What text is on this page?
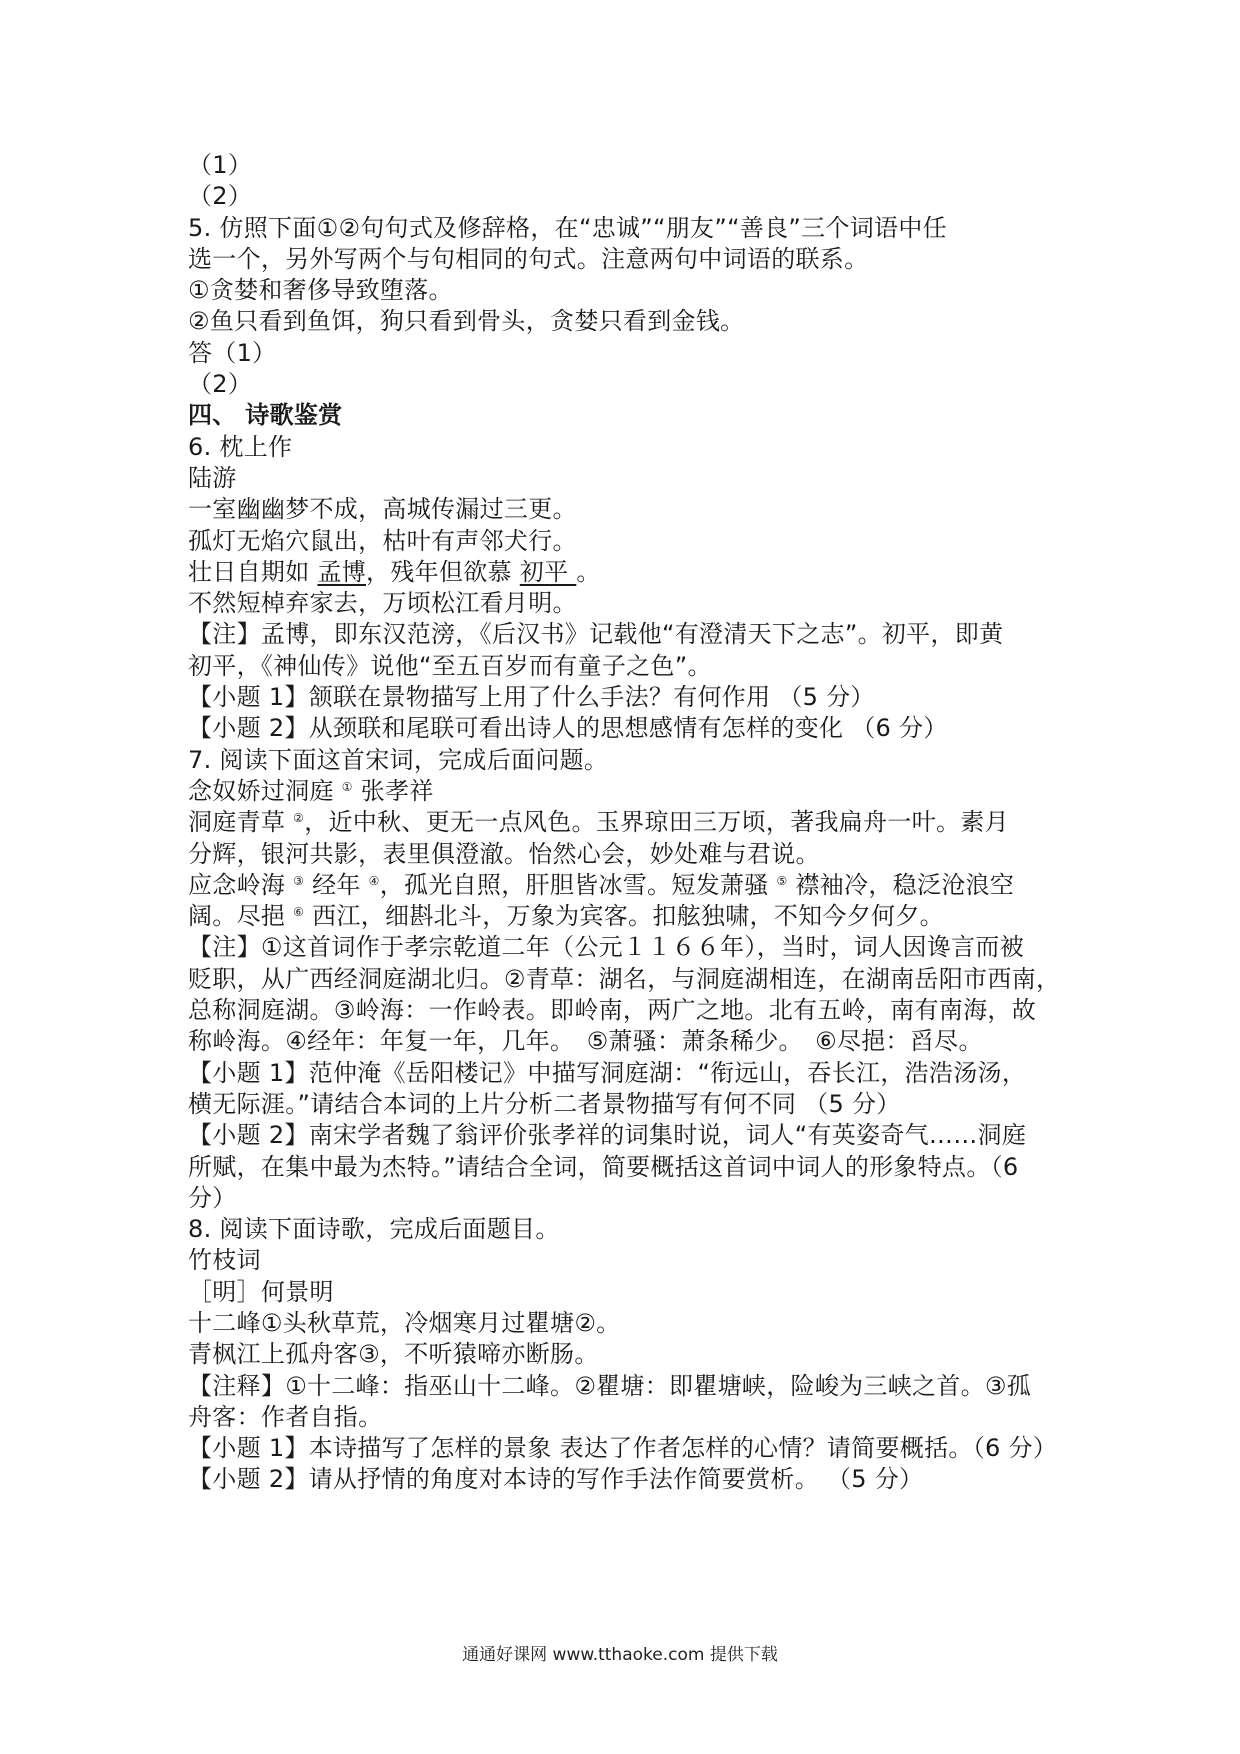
（1）
（2）
5. 仿照下面①②句句式及修辞格，在“忠诚”“朋友”“善良”三个词语中任
选一个，另外写两个与句相同的句式。注意两句中词语的联系。
①贪婪和奢侈导致堕落。
②鱼只看到鱼饵，狗只看到骨头，贪婪只看到金钱。
答（1）
（2）
四、 诗歌鉴赏
6. 枕上作
陆游
一室幽幽梦不成，高城传漏过三更。
孤灯无焰穴鼠出，枯叶有声邻犬行。
壮日自期如 孟博，残年但欲慕 初平 。
不然短棹弃家去，万顷松江看月明。
【注】孟博，即东汉范滂，《后汉书》记载他“有澄清天下之志”。初平，即黄
初平，《神仙传》说他“至五百岁而有童子之色”。
【小题 1】颔联在景物描写上用了什么手法？有何作用 （5 分）
【小题 2】从颈联和尾联可看出诗人的思想感情有怎样的变化 （6 分）
7. 阅读下面这首宋词，完成后面问题。
念奴娇过洞庭 ① 张孝祥
洞庭青草 ②，近中秋、更无一点风色。玉界琼田三万顷，著我扁舟一叶。素月
分辉，银河共影，表里俱澄澈。怡然心会，妙处难与君说。
应念岭海 ③ 经年 ④，孤光自照，肝胆皆冰雪。短发萧骚 ⑤ 襟袖冷，稳泛沧浪空
阔。尽挹 ⑥ 西江，细斟北斗，万象为宾客。扣舷独啸，不知今夕何夕。
【注】①这首词作于孝宗乾道二年（公元１１６６年），当时，词人因谗言而被
贬职，从广西经洞庭湖北归。②青草：湖名，与洞庭湖相连，在湖南岳阳市西南，
总称洞庭湖。③岭海：一作岭表。即岭南，两广之地。北有五岭，南有南海，故
称岭海。④经年：年复一年，几年。　⑤萧骚：萧条稀少。　⑥尽挹：舀尽。
【小题 1】范仲淹《岳阳楼记》中描写洞庭湖：“衔远山，吞长江，浩浩汤汤，
横无际涯。”请结合本词的上片分析二者景物描写有何不同 （5 分）
【小题 2】南宋学者魏了翁评价张孝祥的词集时说，词人“有英姿奇气……洞庭
所赋，在集中最为杰特。”请结合全词，简要概括这首词中词人的形象特点。（6
分）
8. 阅读下面诗歌，完成后面题目。
竹枝词
［明］何景明
十二峰①头秋草荒，冷烟寒月过瞿塘②。
青枫江上孤舟客③，不听猿啼亦断肠。
【注释】①十二峰：指巫山十二峰。②瞿塘：即瞿塘峡，险峻为三峡之首。③孤
舟客：作者自指。
【小题 1】本诗描写了怎样的景象 表达了作者怎样的心情？请简要概括。（6 分）
【小题 2】请从抒情的角度对本诗的写作手法作简要赏析。 （5 分）
通通好课网 www.tthaoke.com 提供下载
